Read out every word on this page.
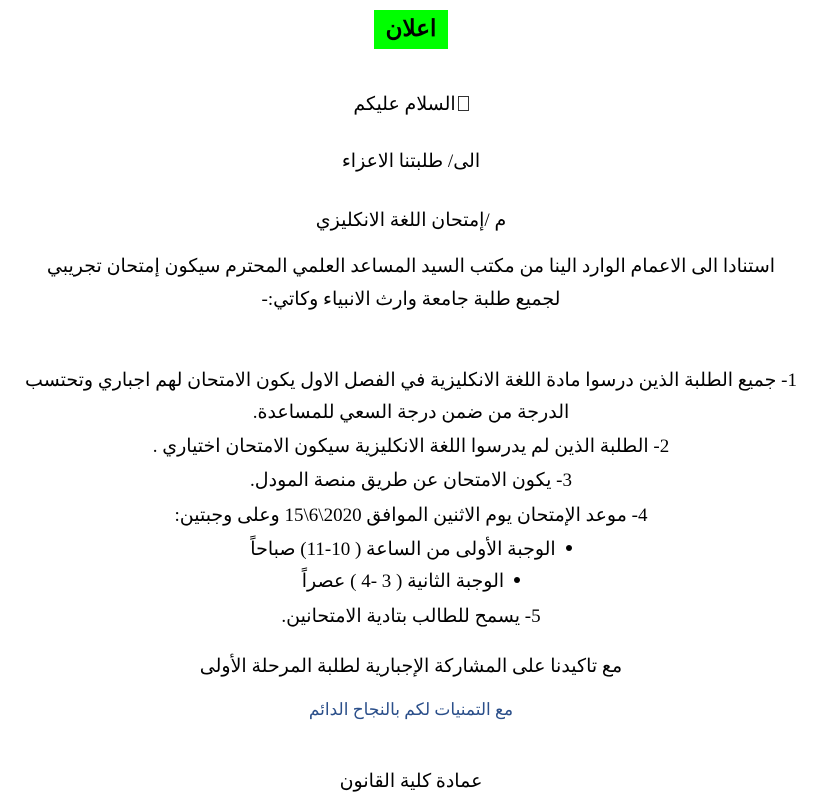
اعلان
السلام عليكم
الى/ طلبتنا الاعزاء
م /إمتحان اللغة الانكليزي
استنادا الى الاعمام الوارد الينا من مكتب السيد المساعد العلمي المحترم سيكون إمتحان تجريبي لجميع طلبة جامعة وارث الانبياء وكاتي:-
1- جميع الطلبة الذين درسوا مادة اللغة الانكليزية في الفصل الاول يكون الامتحان لهم اجباري وتحتسب الدرجة من ضمن درجة السعي للمساعدة.
2- الطلبة الذين لم يدرسوا اللغة الانكليزية سيكون الامتحان اختياري .
3- يكون الامتحان عن طريق منصة المودل.
4- موعد الإمتحان يوم الاثنين الموافق 2020\6\15 وعلى وجبتين:
الوجبة الأولى من الساعة ( 10-11) صباحاً
الوجبة الثانية ( 3 -4 ) عصراً
5- يسمح للطالب بتادية الامتحانين.
مع تاكيدنا على المشاركة الإجبارية لطلبة المرحلة الأولى
مع التمنيات لكم بالنجاح الدائم
عمادة كلية القانون
